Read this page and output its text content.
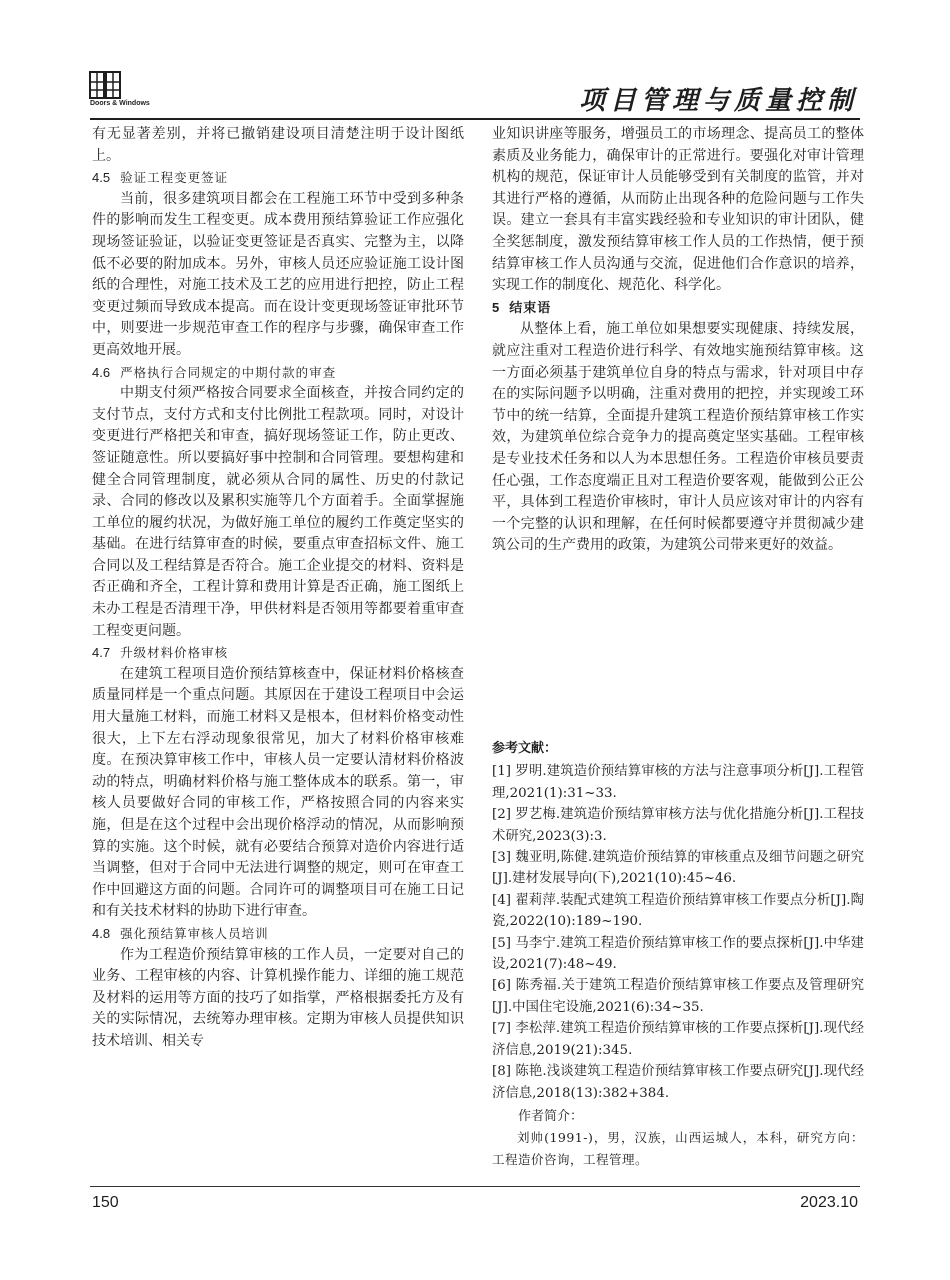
Doors & Windows	项目管理与质量控制

有无显著差别，并将已撤销建设项目清楚注明于设计图纸上。

4.5 验证工程变更签证

当前，很多建筑项目都会在工程施工环节中受到多种条件的影响而发生工程变更。成本费用预结算验证工作应强化现场签证验证，以验证变更签证是否真实、完整为主，以降低不必要的附加成本。另外，审核人员还应验证施工设计图纸的合理性，对施工技术及工艺的应用进行把控，防止工程变更过频而导致成本提高。而在设计变更现场签证审批环节中，则要进一步规范审查工作的程序与步骤，确保审查工作更高效地开展。

4.6 严格执行合同规定的中期付款的审查

中期支付须严格按合同要求全面核查，并按合同约定的支付节点，支付方式和支付比例批工程款项。同时，对设计变更进行严格把关和审查，搞好现场签证工作，防止更改、签证随意性。所以要搞好事中控制和合同管理。要想构建和健全合同管理制度，就必须从合同的属性、历史的付款记录、合同的修改以及累积实施等几个方面着手。全面掌握施工单位的履约状况，为做好施工单位的履约工作奠定坚实的基础。在进行结算审查的时候，要重点审查招标文件、施工合同以及工程结算是否符合。施工企业提交的材料、资料是否正确和齐全，工程计算和费用计算是否正确，施工图纸上未办工程是否清理干净，甲供材料是否领用等都要着重审查工程变更问题。

4.7 升级材料价格审核

在建筑工程项目造价预结算核查中，保证材料价格核查质量同样是一个重点问题。其原因在于建设工程项目中会运用大量施工材料，而施工材料又是根本，但材料价格变动性很大，上下左右浮动现象很常见，加大了材料价格审核难度。在预决算审核工作中，审核人员一定要认清材料价格波动的特点，明确材料价格与施工整体成本的联系。第一，审核人员要做好合同的审核工作，严格按照合同的内容来实施，但是在这个过程中会出现价格浮动的情况，从而影响预算的实施。这个时候，就有必要结合预算对造价内容进行适当调整，但对于合同中无法进行调整的规定，则可在审查工作中回避这方面的问题。合同许可的调整项目可在施工日记和有关技术材料的协助下进行审查。

4.8 强化预结算审核人员培训

作为工程造价预结算审核的工作人员，一定要对自己的业务、工程审核的内容、计算机操作能力、详细的施工规范及材料的运用等方面的技巧了如指掌，严格根据委托方及有关的实际情况，去统筹办理审核。定期为审核人员提供知识技术培训、相关专

业知识讲座等服务，增强员工的市场理念、提高员工的整体素质及业务能力，确保审计的正常进行。要强化对审计管理机构的规范，保证审计人员能够受到有关制度的监管，并对其进行严格的遵循，从而防止出现各种的危险问题与工作失误。建立一套具有丰富实践经验和专业知识的审计团队，健全奖惩制度，激发预结算审核工作人员的工作热情，便于预结算审核工作人员沟通与交流，促进他们合作意识的培养，实现工作的制度化、规范化、科学化。

5 结束语

从整体上看，施工单位如果想要实现健康、持续发展，就应注重对工程造价进行科学、有效地实施预结算审核。这一方面必须基于建筑单位自身的特点与需求，针对项目中存在的实际问题予以明确，注重对费用的把控，并实现竣工环节中的统一结算，全面提升建筑工程造价预结算审核工作实效，为建筑单位综合竞争力的提高奠定坚实基础。工程审核是专业技术任务和以人为本思想任务。工程造价审核员要责任心强，工作态度端正且对工程造价要客观，能做到公正公平，具体到工程造价审核时，审计人员应该对审计的内容有一个完整的认识和理解，在任何时候都要遵守并贯彻减少建筑公司的生产费用的政策，为建筑公司带来更好的效益。

参考文献：
[1] 罗明.建筑造价预结算审核的方法与注意事项分析[J].工程管理,2021(1):31~33.
[2] 罗艺梅.建筑造价预结算审核方法与优化措施分析[J].工程技术研究,2023(3):3.
[3] 魏亚明,陈健.建筑造价预结算的审核重点及细节问题之研究[J].建材发展导向(下),2021(10):45~46.
[4] 翟莉萍.装配式建筑工程造价预结算审核工作要点分析[J].陶瓷,2022(10):189~190.
[5] 马李宁.建筑工程造价预结算审核工作的要点探析[J].中华建设,2021(7):48~49.
[6] 陈秀福.关于建筑工程造价预结算审核工作要点及管理研究[J].中国住宅设施,2021(6):34~35.
[7] 李松萍.建筑工程造价预结算审核的工作要点探析[J].现代经济信息,2019(21):345.
[8] 陈艳.浅谈建筑工程造价预结算审核工作要点研究[J].现代经济信息,2018(13):382+384.
作者简介：
刘帅(1991-)，男，汉族，山西运城人，本科，研究方向：工程造价咨询，工程管理。
150	2023.10
